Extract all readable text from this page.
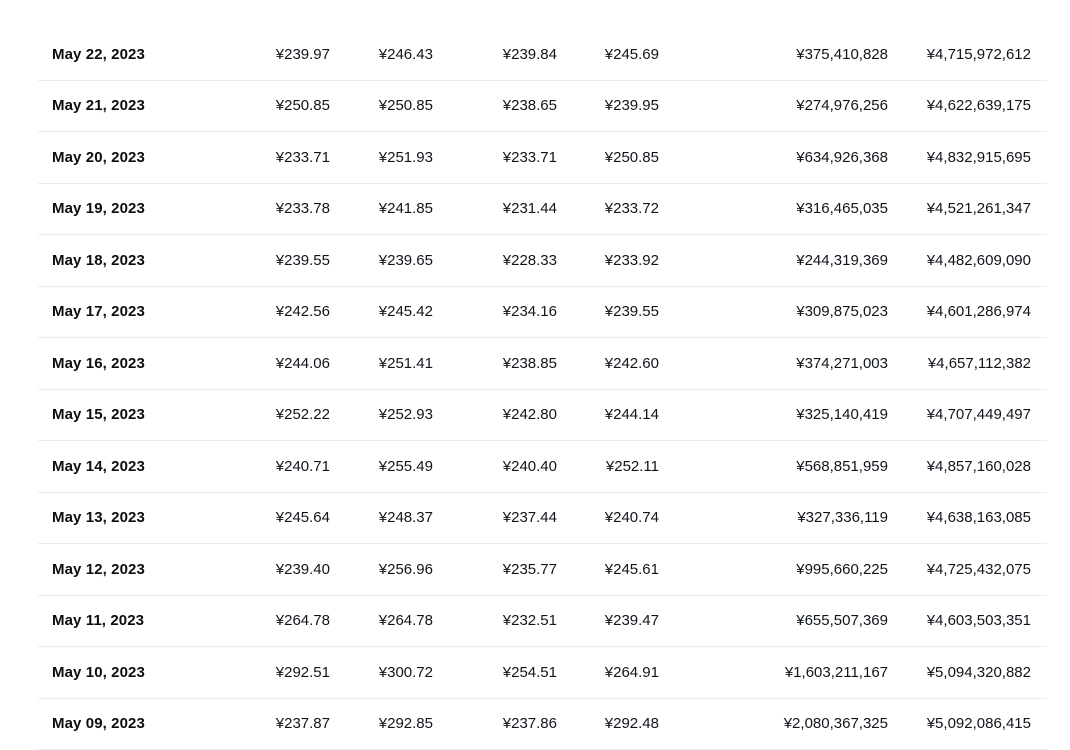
May 22, 2023	¥239.97	¥246.43	¥239.84	¥245.69	¥375,410,828	¥4,715,972,612
May 21, 2023	¥250.85	¥250.85	¥238.65	¥239.95	¥274,976,256	¥4,622,639,175
May 20, 2023	¥233.71	¥251.93	¥233.71	¥250.85	¥634,926,368	¥4,832,915,695
May 19, 2023	¥233.78	¥241.85	¥231.44	¥233.72	¥316,465,035	¥4,521,261,347
May 18, 2023	¥239.55	¥239.65	¥228.33	¥233.92	¥244,319,369	¥4,482,609,090
May 17, 2023	¥242.56	¥245.42	¥234.16	¥239.55	¥309,875,023	¥4,601,286,974
May 16, 2023	¥244.06	¥251.41	¥238.85	¥242.60	¥374,271,003	¥4,657,112,382
May 15, 2023	¥252.22	¥252.93	¥242.80	¥244.14	¥325,140,419	¥4,707,449,497
May 14, 2023	¥240.71	¥255.49	¥240.40	¥252.11	¥568,851,959	¥4,857,160,028
May 13, 2023	¥245.64	¥248.37	¥237.44	¥240.74	¥327,336,119	¥4,638,163,085
May 12, 2023	¥239.40	¥256.96	¥235.77	¥245.61	¥995,660,225	¥4,725,432,075
May 11, 2023	¥264.78	¥264.78	¥232.51	¥239.47	¥655,507,369	¥4,603,503,351
May 10, 2023	¥292.51	¥300.72	¥254.51	¥264.91	¥1,603,211,167	¥5,094,320,882
May 09, 2023	¥237.87	¥292.85	¥237.86	¥292.48	¥2,080,367,325	¥5,092,086,415
